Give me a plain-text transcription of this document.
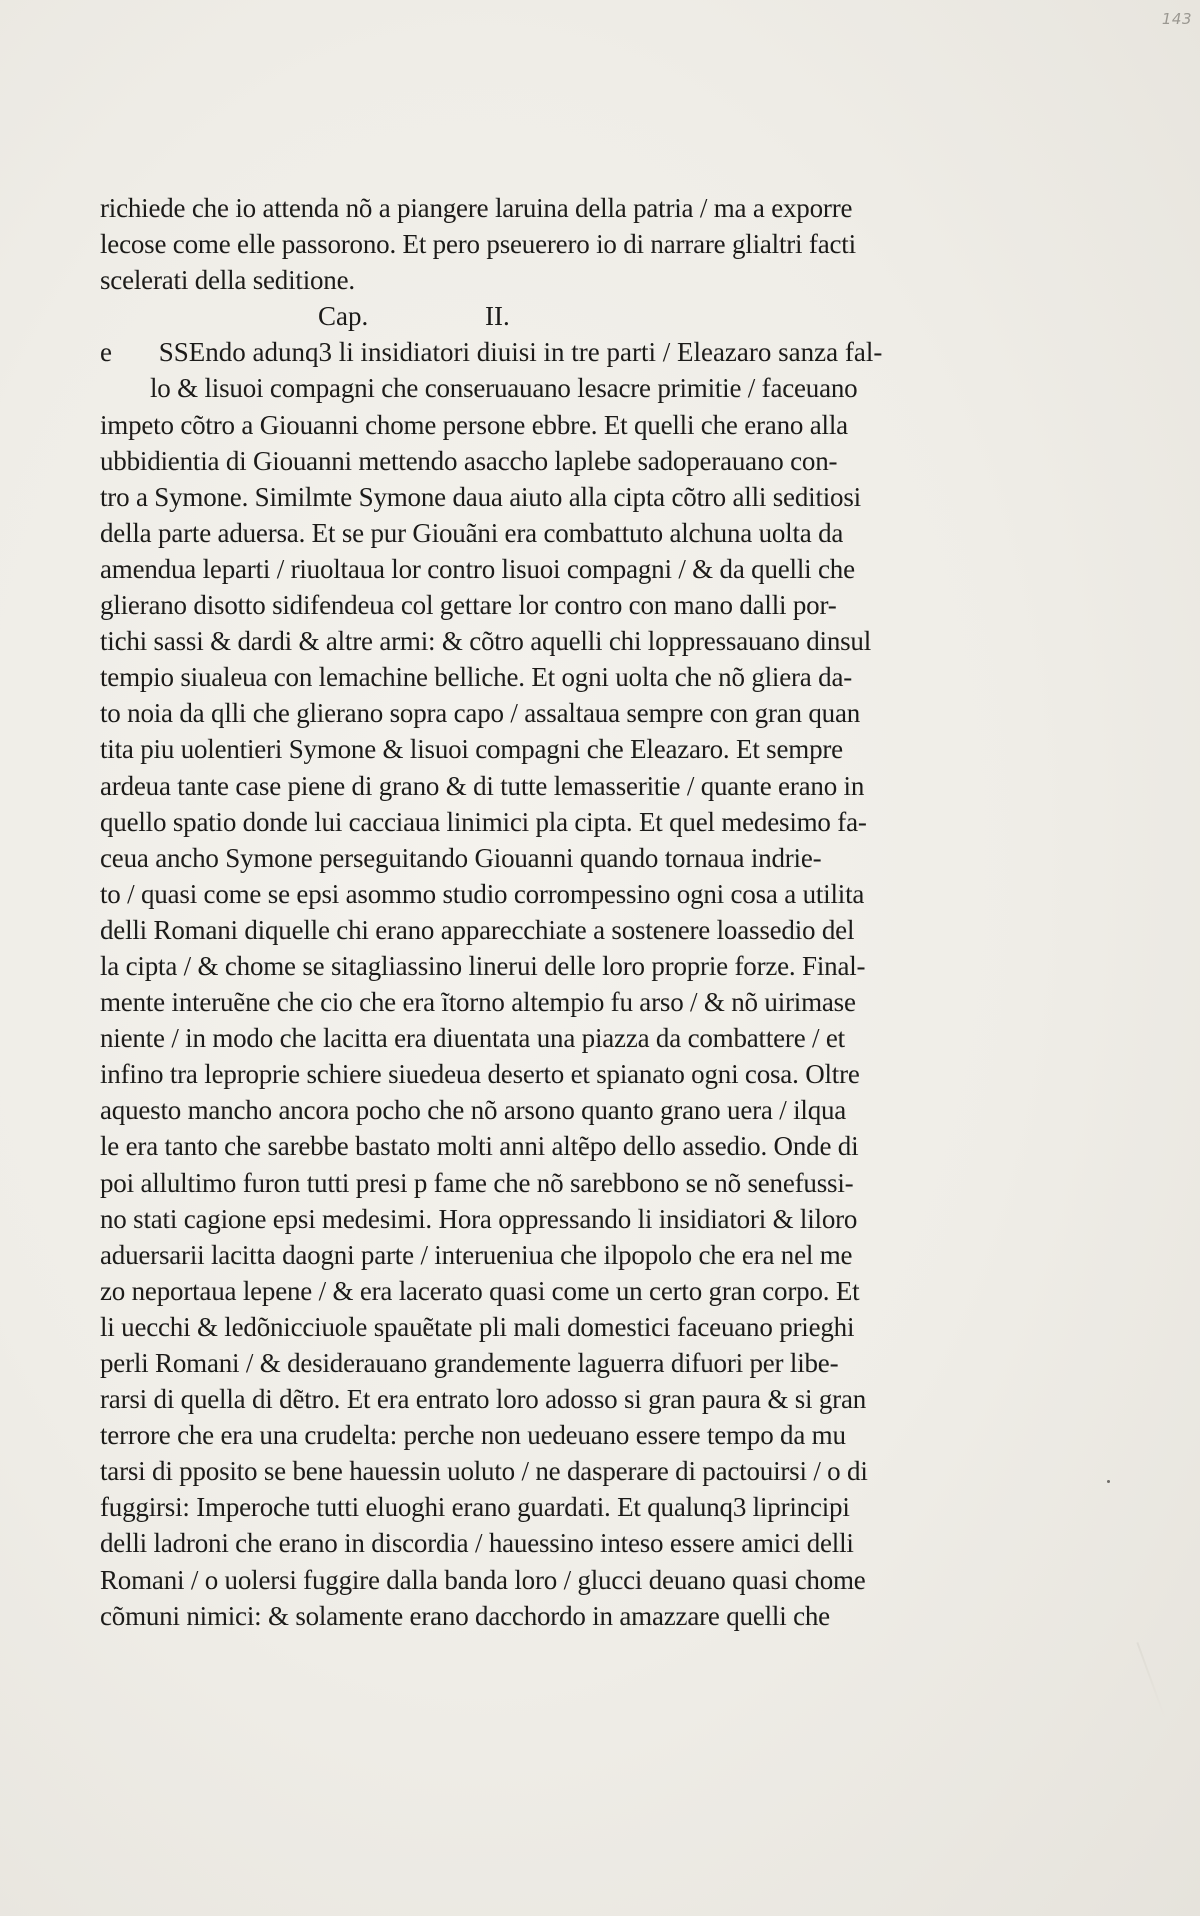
143
richiede che io attenda nõ a piangere laruina della patria / ma a exporre
lecose come elle passorono. Et pero pseuerero io di narrare glialtri facti
scelerati della seditione.
Cap.	II.
e SSEndo adunq3 li insidiatori diuisi in tre parti / Eleazaro sanza fal-
lo & lisuoi compagni che conseruauano lesacre primitie / faceuano
impeto cõtro a Giouanni chome persone ebbre. Et quelli che erano alla
ubbidientia di Giouanni mettendo asaccho laplebe sadoperauano con-
tro a Symone. Similmte Symone daua aiuto alla cipta cõtro alli seditiosi
della parte aduersa. Et se pur Giouãni era combattuto alchuna uolta da
amendua leparti / riuoltaua lor contro lisuoi compagni / & da quelli che
glierano disotto sidifendeua col gettare lor contro con mano dalli por-
tichi sassi & dardi & altre armi: & cõtro aquelli chi loppressauano dinsul
tempio siualeua con lemachine belliche. Et ogni uolta che nõ gliera da-
to noia da qlli che glierano sopra capo / assaltaua sempre con gran quan
tita piu uolentieri Symone & lisuoi compagni che Eleazaro. Et sempre
ardeua tante case piene di grano & di tutte lemasseritie / quante erano in
quello spatio donde lui cacciaua linimici pla cipta. Et quel medesimo fa-
ceua ancho Symone perseguitando Giouanni quando tornaua indrie-
to / quasi come se epsi asommo studio corrompessino ogni cosa a utilita
delli Romani diquelle chi erano apparecchiate a sostenere loassedio del
la cipta / & chome se sitagliassino linerui delle loro proprie forze. Final-
mente interuẽne che cio che era ĩtorno altempio fu arso / & nõ uirimase
niente / in modo che lacitta era diuentata una piazza da combattere / et
infino tra leproprie schiere siuedeua deserto et spianato ogni cosa. Oltre
aquesto mancho ancora pocho che nõ arsono quanto grano uera / ilqua
le era tanto che sarebbe bastato molti anni altẽpo dello assedio. Onde di
poi allultimo furon tutti presi p fame che nõ sarebbono se nõ senefussi-
no stati cagione epsi medesimi. Hora oppressando li insidiatori & liloro
aduersarii lacitta daogni parte / interueniua che ilpopolo che era nel me
zo neportaua lepene / & era lacerato quasi come un certo gran corpo. Et
li uecchi & ledõnicciuole spauẽtate pli mali domestici faceuano prieghi
perli Romani / & desiderauano grandemente laguerra difuori per libe-
rarsi di quella di dẽtro. Et era entrato loro adosso si gran paura & si gran
terrore che era una crudelta: perche non uedeuano essere tempo da mu
tarsi di pposito se bene hauessin uoluto / ne dasperare di pactouirsi / o di
fuggirsi: Imperoche tutti eluoghi erano guardati. Et qualunq3 liprincipi
delli ladroni che erano in discordia / hauessino inteso essere amici delli
Romani / o uolersi fuggire dalla banda loro / glucci deuano quasi chome
cõmuni nimici: & solamente erano dacchordo in amazzare quelli che
